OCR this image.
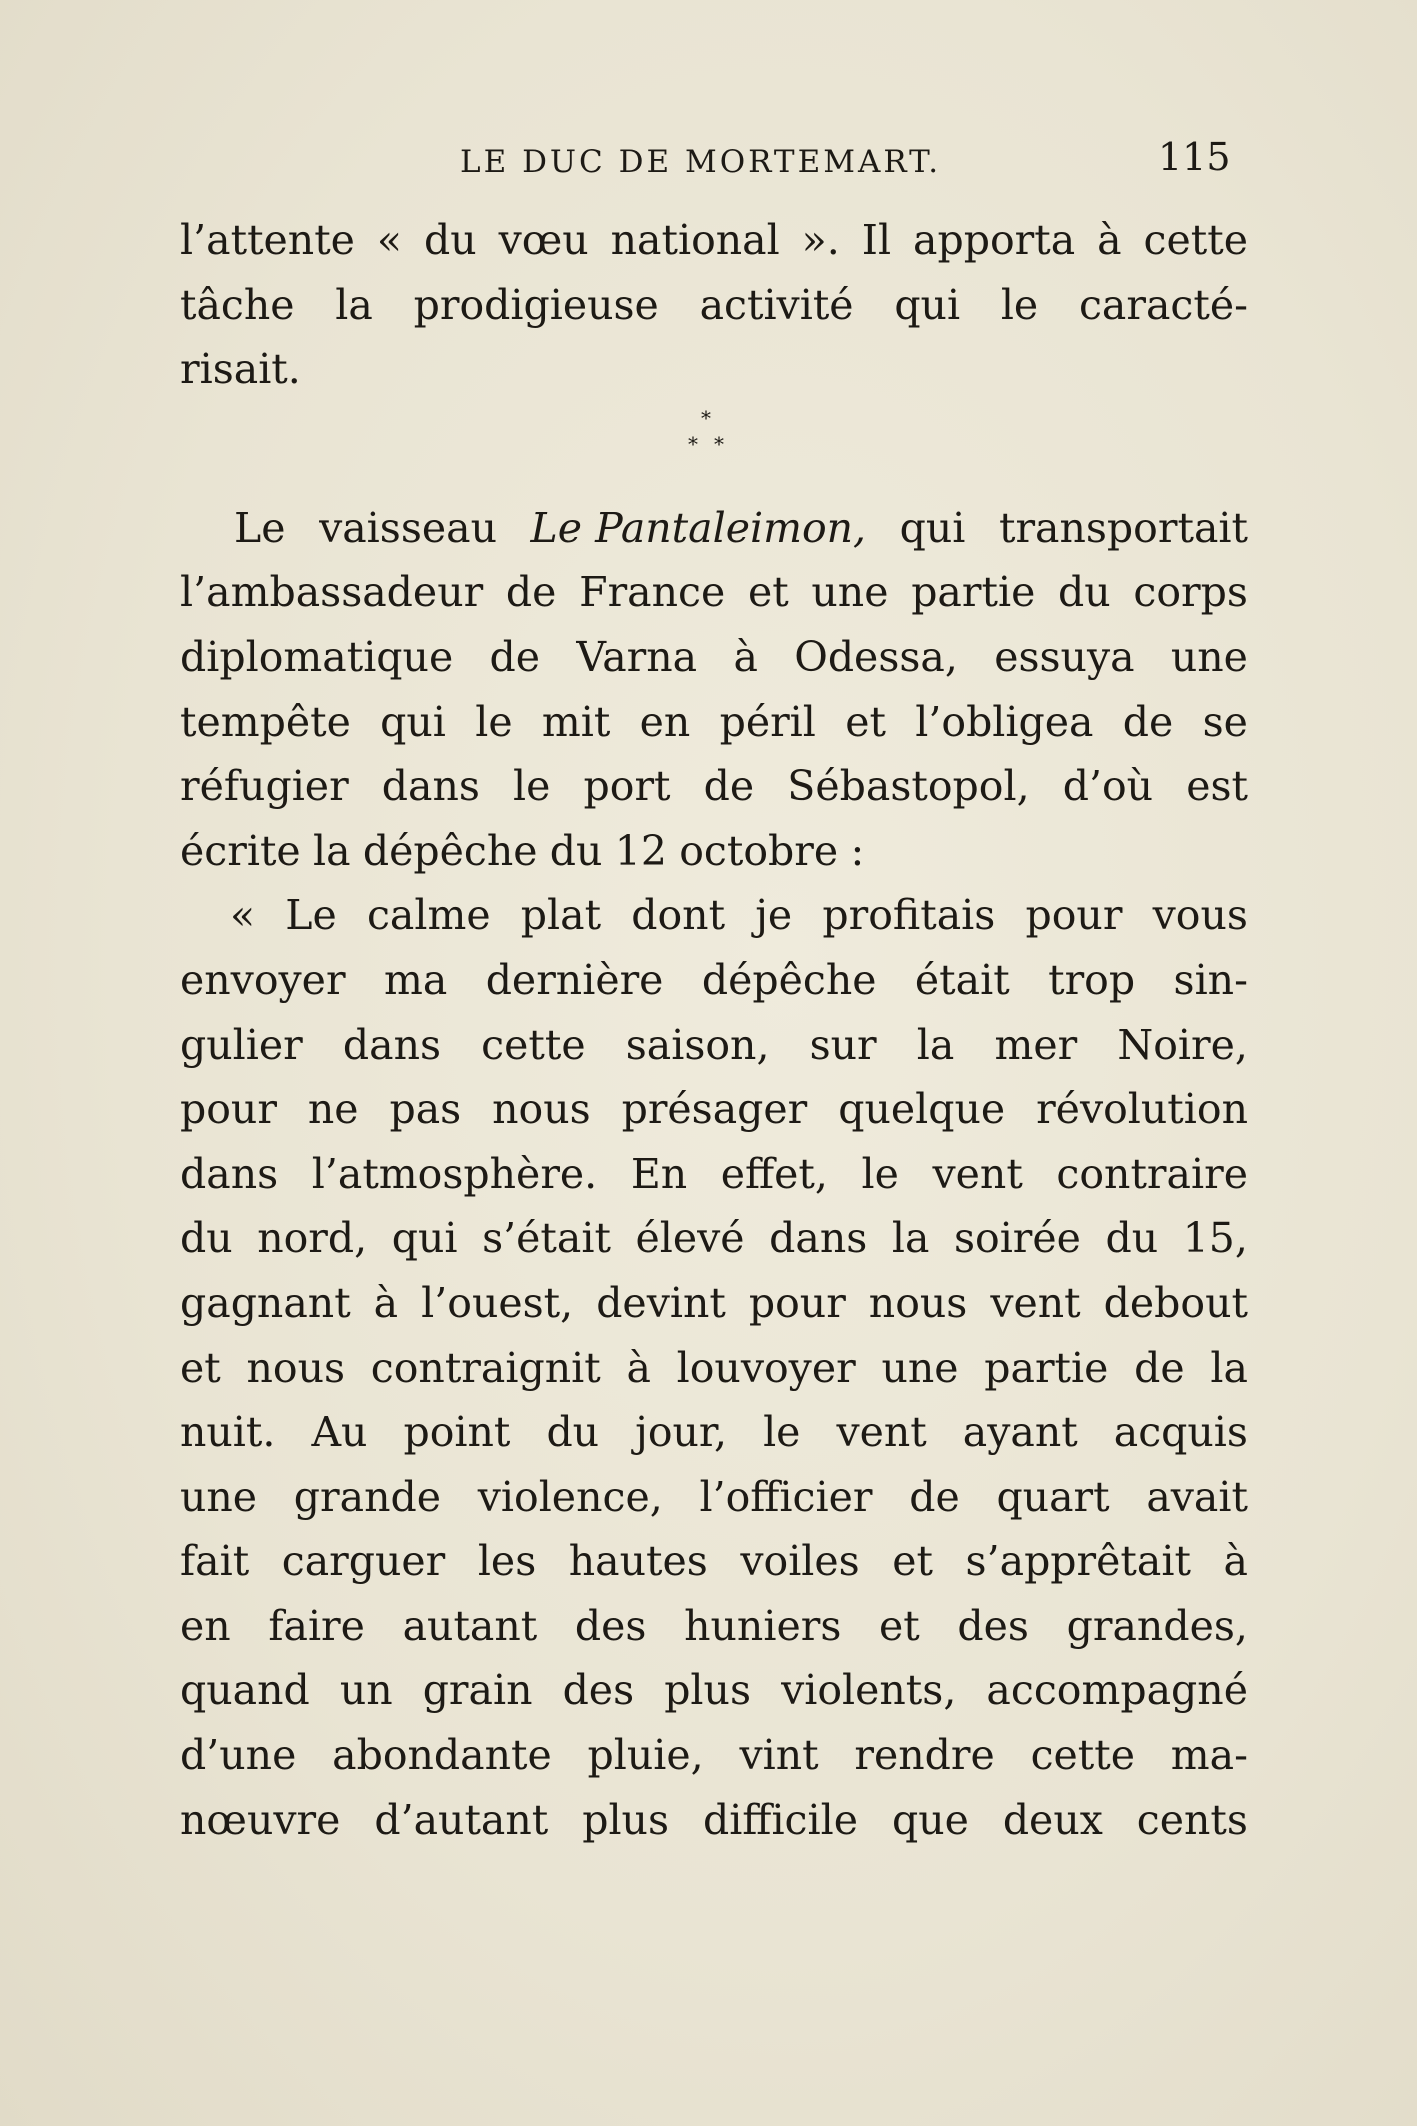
LE DUC DE MORTEMART.	115
l’attente « du vœu national ». Il apporta à cette
tâche la prodigieuse activité qui le caracté-
risait.
*
* *
Le vaisseau Le Pantaleimon, qui transportait
l’ambassadeur de France et une partie du corps
diplomatique de Varna à Odessa, essuya une
tempête qui le mit en péril et l’obligea de se
réfugier dans le port de Sébastopol, d’où est
écrite la dépêche du 12 octobre :
« Le calme plat dont je profitais pour vous
envoyer ma dernière dépêche était trop sin-
gulier dans cette saison, sur la mer Noire,
pour ne pas nous présager quelque révolution
dans l’atmosphère. En effet, le vent contraire
du nord, qui s’était élevé dans la soirée du 15,
gagnant à l’ouest, devint pour nous vent debout
et nous contraignit à louvoyer une partie de la
nuit. Au point du jour, le vent ayant acquis
une grande violence, l’officier de quart avait
fait carguer les hautes voiles et s’apprêtait à
en faire autant des huniers et des grandes,
quand un grain des plus violents, accompagné
d’une abondante pluie, vint rendre cette ma-
nœuvre d’autant plus difficile que deux cents
